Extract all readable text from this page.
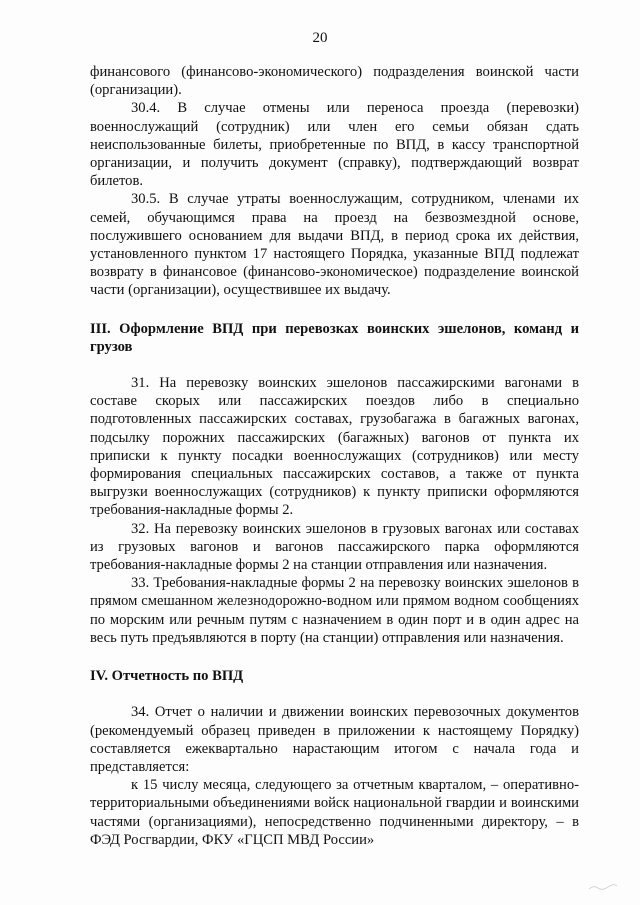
20

финансового (финансово-экономического) подразделения воинской части (организации).

30.4. В случае отмены или переноса проезда (перевозки) военнослужащий (сотрудник) или член его семьи обязан сдать неиспользованные билеты, приобретенные по ВПД, в кассу транспортной организации, и получить документ (справку), подтверждающий возврат билетов.

30.5. В случае утраты военнослужащим, сотрудником, членами их семей, обучающимся права на проезд на безвозмездной основе, послужившего основанием для выдачи ВПД, в период срока их действия, установленного пунктом 17 настоящего Порядка, указанные ВПД подлежат возврату в финансовое (финансово-экономическое) подразделение воинской части (организации), осуществившее их выдачу.

III. Оформление ВПД при перевозках воинских эшелонов, команд и грузов

31. На перевозку воинских эшелонов пассажирскими вагонами в составе скорых или пассажирских поездов либо в специально подготовленных пассажирских составах, грузобагажа в багажных вагонах, подсылку порожних пассажирских (багажных) вагонов от пункта их приписки к пункту посадки военнослужащих (сотрудников) или месту формирования специальных пассажирских составов, а также от пункта выгрузки военнослужащих (сотрудников) к пункту приписки оформляются требования-накладные формы 2.

32. На перевозку воинских эшелонов в грузовых вагонах или составах из грузовых вагонов и вагонов пассажирского парка оформляются требования-накладные формы 2 на станции отправления или назначения.

33. Требования-накладные формы 2 на перевозку воинских эшелонов в прямом смешанном железнодорожно-водном или прямом водном сообщениях по морским или речным путям с назначением в один порт и в один адрес на весь путь предъявляются в порту (на станции) отправления или назначения.

IV. Отчетность по ВПД

34. Отчет о наличии и движении воинских перевозочных документов (рекомендуемый образец приведен в приложении к настоящему Порядку) составляется ежеквартально нарастающим итогом с начала года и представляется:

к 15 числу месяца, следующего за отчетным кварталом, – оперативно-территориальными объединениями войск национальной гвардии и воинскими частями (организациями), непосредственно подчиненными директору, – в ФЭД Росгвардии, ФКУ «ГЦСП МВД России»
